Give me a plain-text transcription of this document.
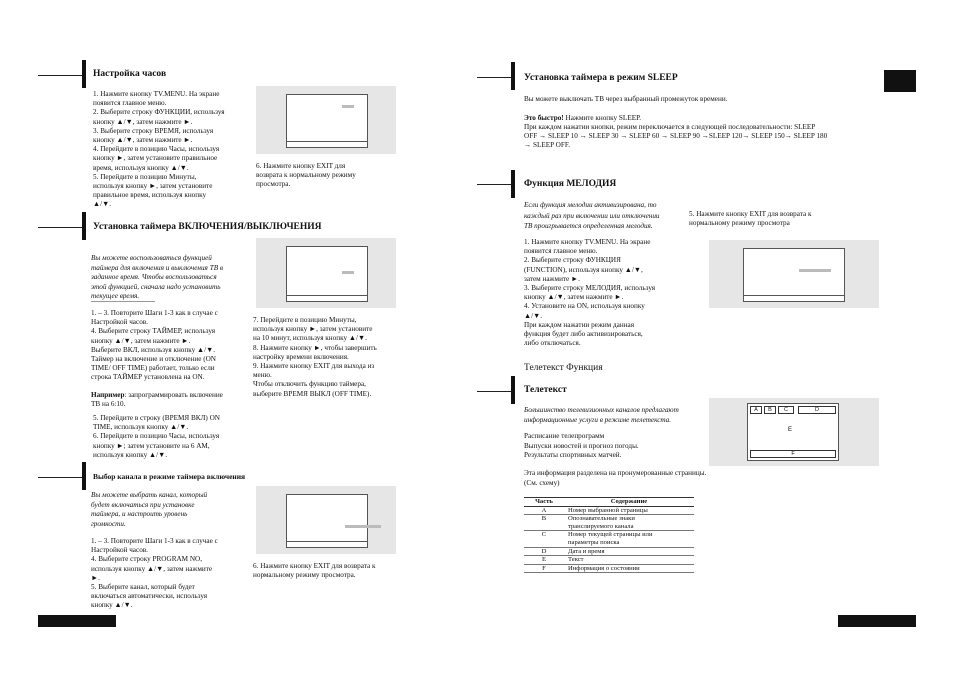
Настройка часов
1. Нажмите кнопку TV.MENU. На экране
появится главное меню.
2. Выберите строку ФУНКЦИИ, используя
кнопку ▲/▼, затем нажмите ►.
3. Выберите строку ВРЕМЯ, используя
кнопку ▲/▼, затем нажмите ►.
4. Перейдите в позицию Часы, используя
кнопку ►, затем установите правильное
время, используя кнопку ▲/▼.
5. Перейдите в позицию Минуты,
используя кнопку ►, затем установите
правильное время, используя кнопку
▲/▼.
6. Нажмите кнопку EXIT для
возврата к нормальному режиму
просмотра.
Установка таймера ВКЛЮЧЕНИЯ/ВЫКЛЮЧЕНИЯ
Вы можете воспользоваться функцией
таймера для включения и выключения ТВ в
заданное время. Чтобы воспользоваться
этой функцией, сначала надо установить
текущее время.
1. – 3. Повторите Шаги 1-3 как в случае с
Настройкой часов.
4. Выберите строку ТАЙМЕР, используя
кнопку ▲/▼, затем нажмите ►.
Выберите ВКЛ, используя кнопку ▲/▼.
Таймер на включение и отключение (ON
TIME/ OFF TIME) работает, только если
строка ТАЙМЕР установлена на ON.
Например: запрограммировать включение
ТВ на 6:10.
5. Перейдите в строку (ВРЕМЯ ВКЛ) ON
TIME, используя кнопку ▲/▼.
6. Перейдите в позицию Часы, используя
кнопку ►; затем установите на 6 AM,
используя кнопку ▲/▼.
7. Перейдите в позицию Минуты,
используя кнопку ►, затем установите
на 10 минут, используя кнопку ▲/▼.
8. Нажмите кнопку ►, чтобы завершить
настройку времени включения.
9. Нажмите кнопку EXIT для выхода из
меню.
Чтобы отключить функцию таймера,
выберите ВРЕМЯ ВЫКЛ (OFF TIME).
Выбор канала в режиме таймера включения
Вы можете выбрать канал, который
будет включаться при установке
таймера, и настроить уровень
громкости.
1. – 3. Повторите Шаги 1-3 как в случае с
Настройкой часов.
4. Выберите строку PROGRAM NO,
используя кнопку ▲/▼, затем нажмите
►.
5. Выберите канал, который будет
включаться автоматически, используя
кнопку ▲/▼.
6. Нажмите кнопку EXIT для возврата к
нормальному режиму просмотра.
Установка таймера в режим SLEEP
Вы можете выключать ТВ через выбранный промежуток времени.
Это быстро! Нажмите кнопку SLEEP.
При каждом нажатии кнопки, режим переключается в следующей последовательности: SLEEP
OFF → SLEEP 10 → SLEEP 30 → SLEEP 60 → SLEEP 90 →SLEEP 120→ SLEEP 150→ SLEEP 180
→ SLEEP OFF.
Функция МЕЛОДИЯ
Если функция мелодии активизирована, то
каждый раз при включении или отключении
ТВ проигрывается определенная мелодия.
1. Нажмите кнопку TV.MENU. На экране
появится главное меню.
2. Выберите строку ФУНКЦИЯ
(FUNCTION), используя кнопку ▲/▼,
затем нажмите ►.
3. Выберите строку МЕЛОДИЯ, используя
кнопку ▲/▼, затем нажмите ►.
4. Установите на ON, используя кнопку
▲/▼.
При каждом нажатии режим данная
функция будет либо активизироваться,
либо отключаться.
5. Нажмите кнопку EXIT для возврата к
нормальному режиму просмотра
Телетекст Функция
Телетекст
Большинство телевизионных каналов предлагают
информационные услуги в режиме телетекста.
Расписание телепрограмм
Выпуски новостей и прогноз погоды.
Результаты спортивных матчей.
Эта информация разделена на пронумерованные страницы.
(См. схему)
A	B	C	D
E
F
Часть	Содержание
A	Номер выбранной страницы
B	Опознавательные знаки
транслируемого канала
C	Номер текущей страницы или
параметры поиска
D	Дата и время
E	Текст
F	Информация о состоянии
